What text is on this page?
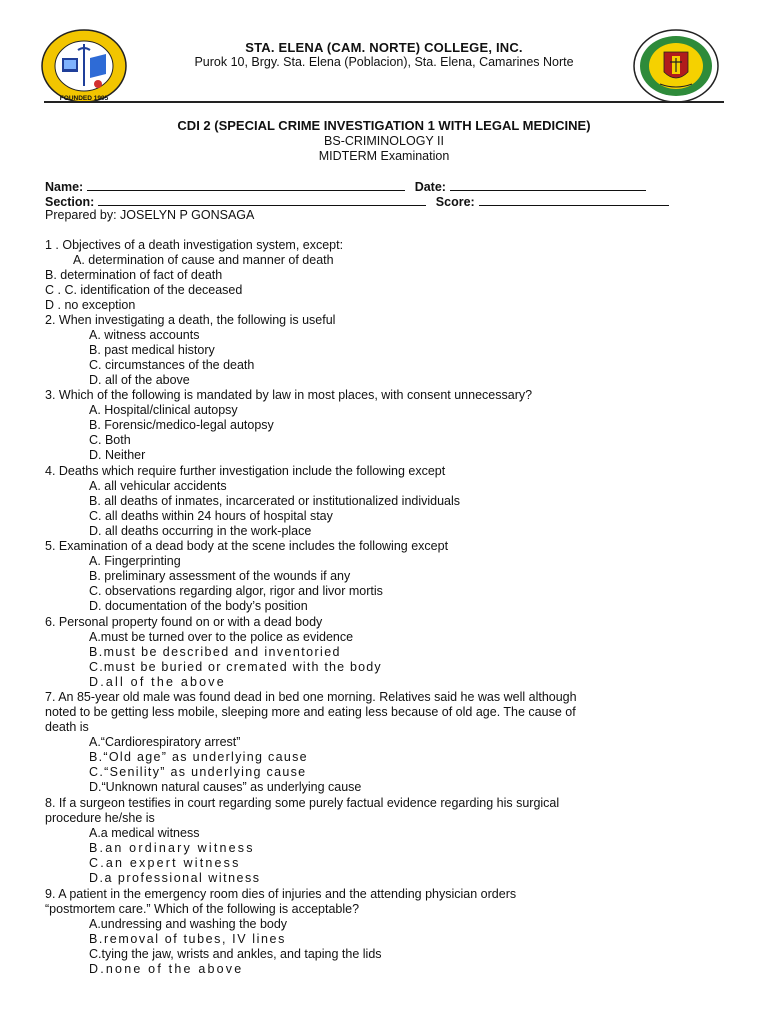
FOUNDED 1995
STA. ELENA (CAM. NORTE) COLLEGE, INC.
Purok 10, Brgy. Sta. Elena (Poblacion), Sta. Elena, Camarines Norte
CDI 2 (SPECIAL CRIME INVESTIGATION 1 WITH LEGAL MEDICINE)
BS-CRIMINOLOGY II
MIDTERM Examination
Name:	Date:
Section:	Score:
Prepared by: JOSELYN P GONSAGA
1 . Objectives of a death investigation system, except:
A. determination of cause and manner of death
B. determination of fact of death
C . C. identification of the deceased
D . no exception
2. When investigating a death, the following is useful
A. witness accounts
B. past medical history
C. circumstances of the death
D. all of the above
3. Which of the following is mandated by law in most places, with consent unnecessary?
A. Hospital/clinical autopsy
B. Forensic/medico-legal autopsy
C. Both
D. Neither
4. Deaths which require further investigation include the following except
A. all vehicular accidents
B. all deaths of inmates, incarcerated or institutionalized individuals
C. all deaths within 24 hours of hospital stay
D. all deaths occurring in the work-place
5. Examination of a dead body at the scene includes the following except
A. Fingerprinting
B. preliminary assessment of the wounds if any
C. observations regarding algor, rigor and livor mortis
D. documentation of the body’s position
6. Personal property found on or with a dead body
A.must be turned over to the police as evidence
B.must be described and inventoried
C.must be buried or cremated with the body
D.all of the above
7. An 85-year old male was found dead in bed one morning. Relatives said he was well although
noted to be getting less mobile, sleeping more and eating less because of old age. The cause of
death is
A.“Cardiorespiratory arrest”
B.“Old age” as underlying cause
C.“Senility” as underlying cause
D.“Unknown natural causes” as underlying cause
8. If a surgeon testifies in court regarding some purely factual evidence regarding his surgical
procedure he/she is
A.a medical witness
B.an ordinary witness
C.an expert witness
D.a professional witness
9. A patient in the emergency room dies of injuries and the attending physician orders
“postmortem care.” Which of the following is acceptable?
A.undressing and washing the body
B.removal of tubes, IV lines
C.tying the jaw, wrists and ankles, and taping the lids
D.none of the above
